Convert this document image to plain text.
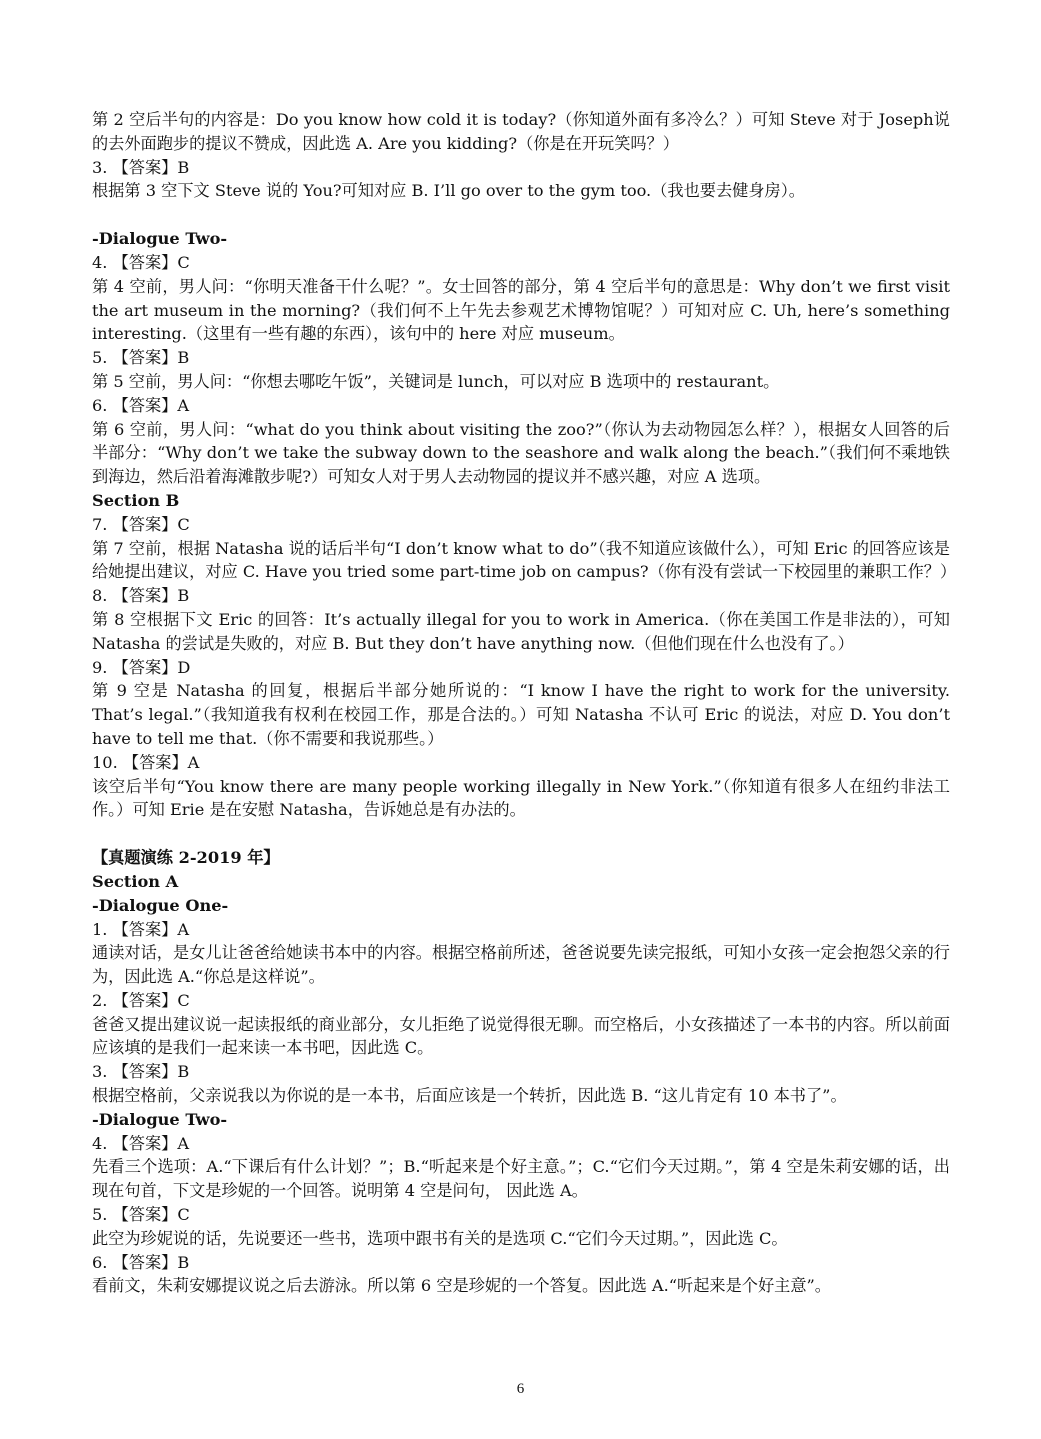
第 2 空后半句的内容是：Do you know how cold it is today?（你知道外面有多冷么？）可知 Steve 对于 Joseph说的去外面跑步的提议不赞成，因此选 A. Are you kidding?（你是在开玩笑吗？）

3. 【答案】B

根据第 3 空下文 Steve 说的 You?可知对应 B. I’ll go over to the gym too.（我也要去健身房）。

-Dialogue Two-

4. 【答案】C

第 4 空前，男人问：“你明天准备干什么呢？”。女士回答的部分，第 4 空后半句的意思是：Why don’t we first visit the art museum in the morning?（我们何不上午先去参观艺术博物馆呢？）可知对应 C. Uh, here’s something interesting.（这里有一些有趣的东西），该句中的 here 对应 museum。

5. 【答案】B

第 5 空前，男人问：“你想去哪吃午饭”，关键词是 lunch，可以对应 B 选项中的 restaurant。

6. 【答案】A

第 6 空前，男人问：“what do you think about visiting the zoo?”（你认为去动物园怎么样？），根据女人回答的后半部分：“Why don’t we take the subway down to the seashore and walk along the beach.”（我们何不乘地铁到海边，然后沿着海滩散步呢?）可知女人对于男人去动物园的提议并不感兴趣，对应 A 选项。

Section B

7. 【答案】C

第 7 空前，根据 Natasha 说的话后半句“I don’t know what to do”（我不知道应该做什么），可知 Eric 的回答应该是给她提出建议，对应 C. Have you tried some part-time job on campus?（你有没有尝试一下校园里的兼职工作？）

8. 【答案】B

第 8 空根据下文 Eric 的回答：It’s actually illegal for you to work in America.（你在美国工作是非法的），可知 Natasha 的尝试是失败的，对应 B. But they don’t have anything now.（但他们现在什么也没有了。）

9. 【答案】D

第 9 空是 Natasha 的回复，根据后半部分她所说的：“I know I have the right to work for the university. That’s legal.”（我知道我有权利在校园工作，那是合法的。）可知 Natasha 不认可 Eric 的说法，对应 D. You don’t have to tell me that.（你不需要和我说那些。）

10. 【答案】A

该空后半句“You know there are many people working illegally in New York.”（你知道有很多人在纽约非法工作。）可知 Erie 是在安慰 Natasha，告诉她总是有办法的。

【真题演练 2-2019 年】

Section A

-Dialogue One-

1. 【答案】A

通读对话，是女儿让爸爸给她读书本中的内容。根据空格前所述，爸爸说要先读完报纸，可知小女孩一定会抱怨父亲的行为，因此选 A.“你总是这样说”。

2. 【答案】C

爸爸又提出建议说一起读报纸的商业部分，女儿拒绝了说觉得很无聊。而空格后，小女孩描述了一本书的内容。所以前面应该填的是我们一起来读一本书吧，因此选 C。

3. 【答案】B

根据空格前，父亲说我以为你说的是一本书，后面应该是一个转折，因此选 B. “这儿肯定有 10 本书了”。

-Dialogue Two-

4. 【答案】A

先看三个选项：A.“下课后有什么计划？”；B.“听起来是个好主意。”；C.“它们今天过期。”，第 4 空是朱莉安娜的话，出现在句首，下文是珍妮的一个回答。说明第 4 空是问句， 因此选 A。

5. 【答案】C

此空为珍妮说的话，先说要还一些书，选项中跟书有关的是选项 C.“它们今天过期。”，因此选 C。

6. 【答案】B

看前文，朱莉安娜提议说之后去游泳。所以第 6 空是珍妮的一个答复。因此选 A.“听起来是个好主意”。

6
